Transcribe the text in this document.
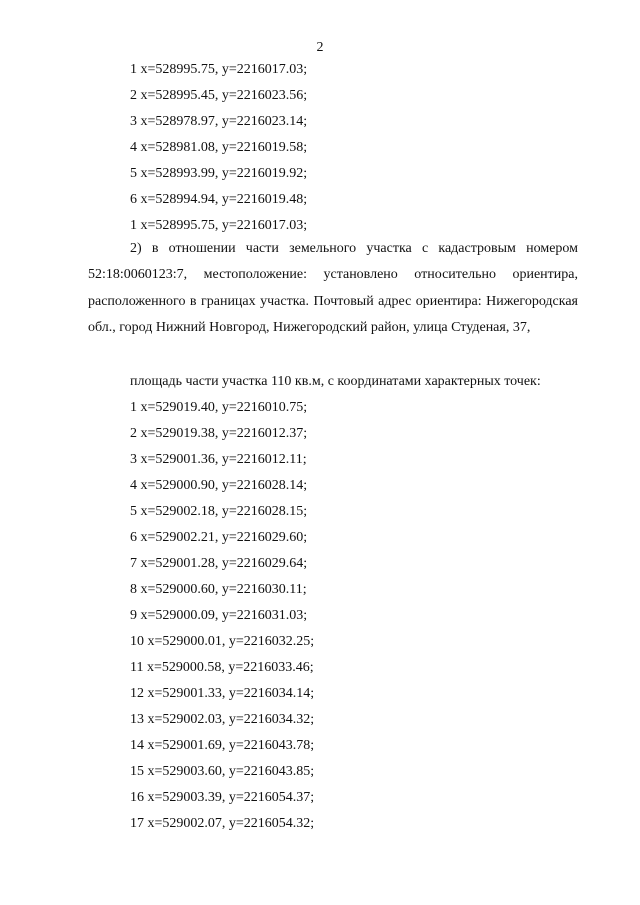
2
1 x=528995.75, y=2216017.03;
2 x=528995.45, y=2216023.56;
3 x=528978.97, y=2216023.14;
4 x=528981.08, y=2216019.58;
5 x=528993.99, y=2216019.92;
6 x=528994.94, y=2216019.48;
1 x=528995.75, y=2216017.03;
2) в отношении части земельного участка с кадастровым номером 52:18:0060123:7, местоположение: установлено относительно ориентира, расположенного в границах участка. Почтовый адрес ориентира: Нижегородская обл., город Нижний Новгород, Нижегородский район, улица Студеная, 37,
площадь части участка 110 кв.м, с координатами характерных точек:
1 x=529019.40, y=2216010.75;
2 x=529019.38, y=2216012.37;
3 x=529001.36, y=2216012.11;
4 x=529000.90, y=2216028.14;
5 x=529002.18, y=2216028.15;
6 x=529002.21, y=2216029.60;
7 x=529001.28, y=2216029.64;
8 x=529000.60, y=2216030.11;
9 x=529000.09, y=2216031.03;
10 x=529000.01, y=2216032.25;
11 x=529000.58, y=2216033.46;
12 x=529001.33, y=2216034.14;
13 x=529002.03, y=2216034.32;
14 x=529001.69, y=2216043.78;
15 x=529003.60, y=2216043.85;
16 x=529003.39, y=2216054.37;
17 x=529002.07, y=2216054.32;
